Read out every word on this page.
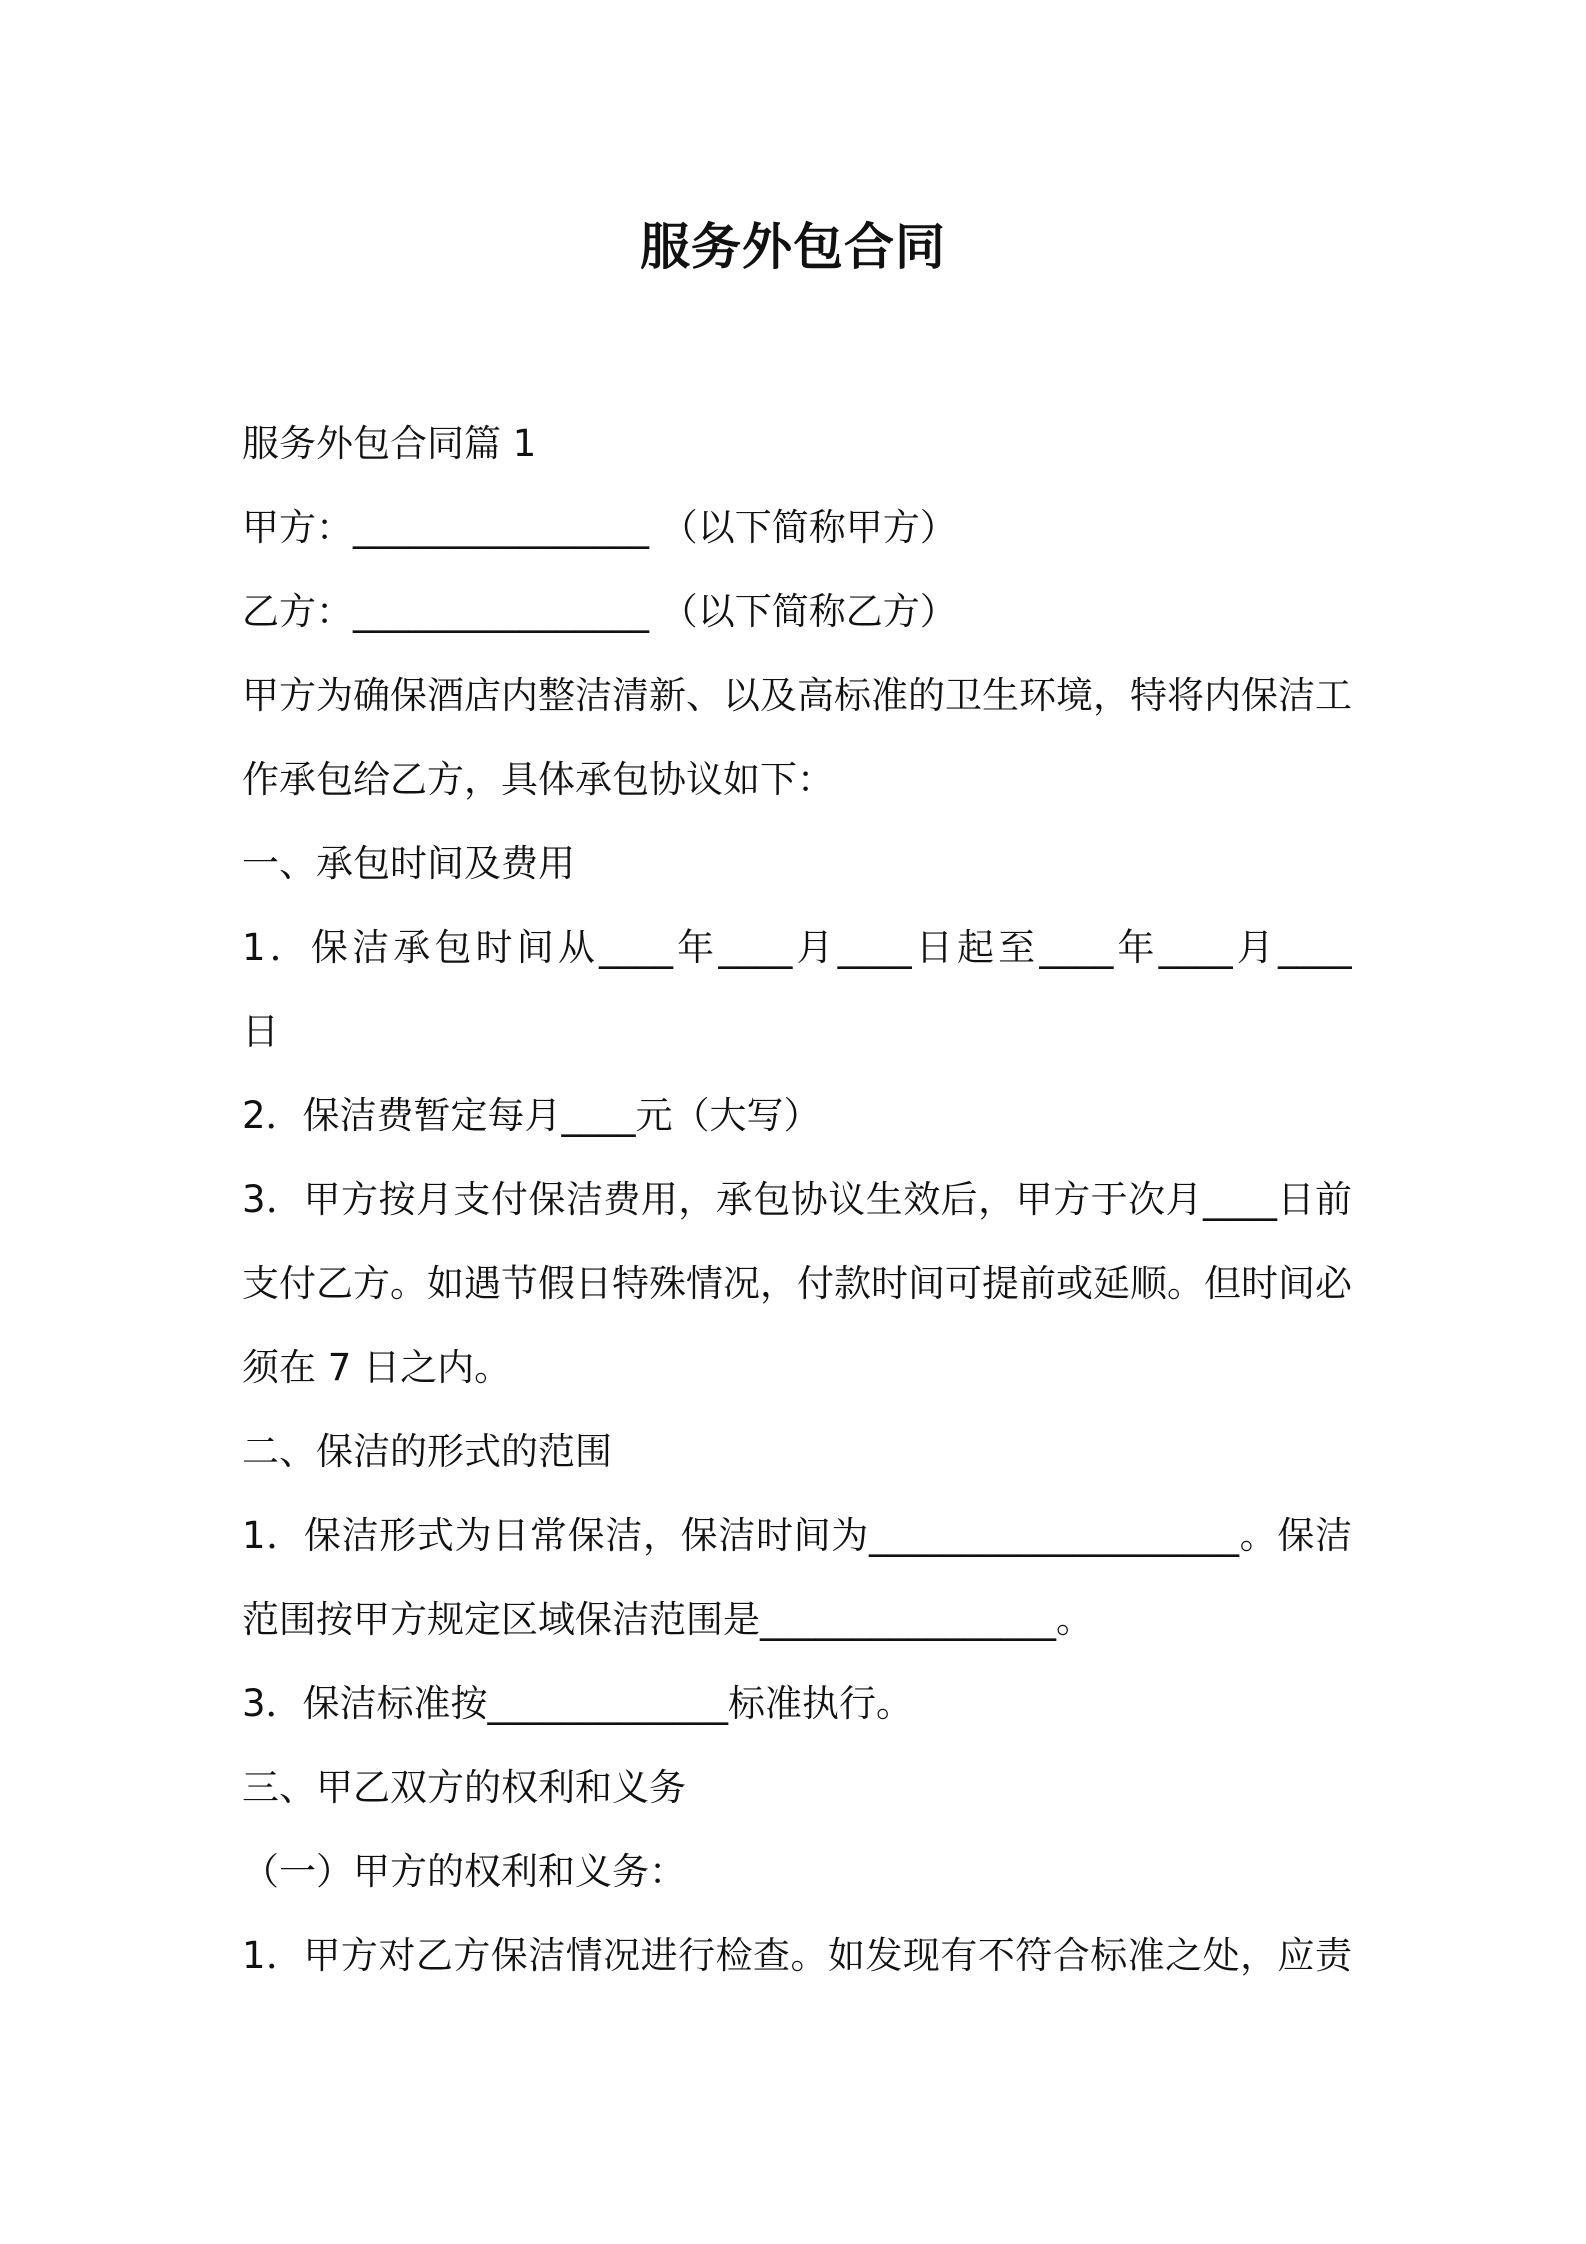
服务外包合同
服务外包合同篇 1
甲方：________________ （以下简称甲方）
乙方：________________ （以下简称乙方）
甲方为确保酒店内整洁清新、以及高标准的卫生环境，特将内保洁工
作承包给乙方，具体承包协议如下：
一、承包时间及费用
1．保洁承包时间从____年____月____日起至____年____月____
日
2．保洁费暂定每月____元（大写）
3．甲方按月支付保洁费用，承包协议生效后，甲方于次月____日前
支付乙方。如遇节假日特殊情况，付款时间可提前或延顺。但时间必
须在 7 日之内。
二、保洁的形式的范围
1．保洁形式为日常保洁，保洁时间为____________________。保洁
范围按甲方规定区域保洁范围是________________。
3．保洁标准按_____________标准执行。
三、甲乙双方的权利和义务
（一）甲方的权利和义务：
1．甲方对乙方保洁情况进行检查。如发现有不符合标准之处，应责
